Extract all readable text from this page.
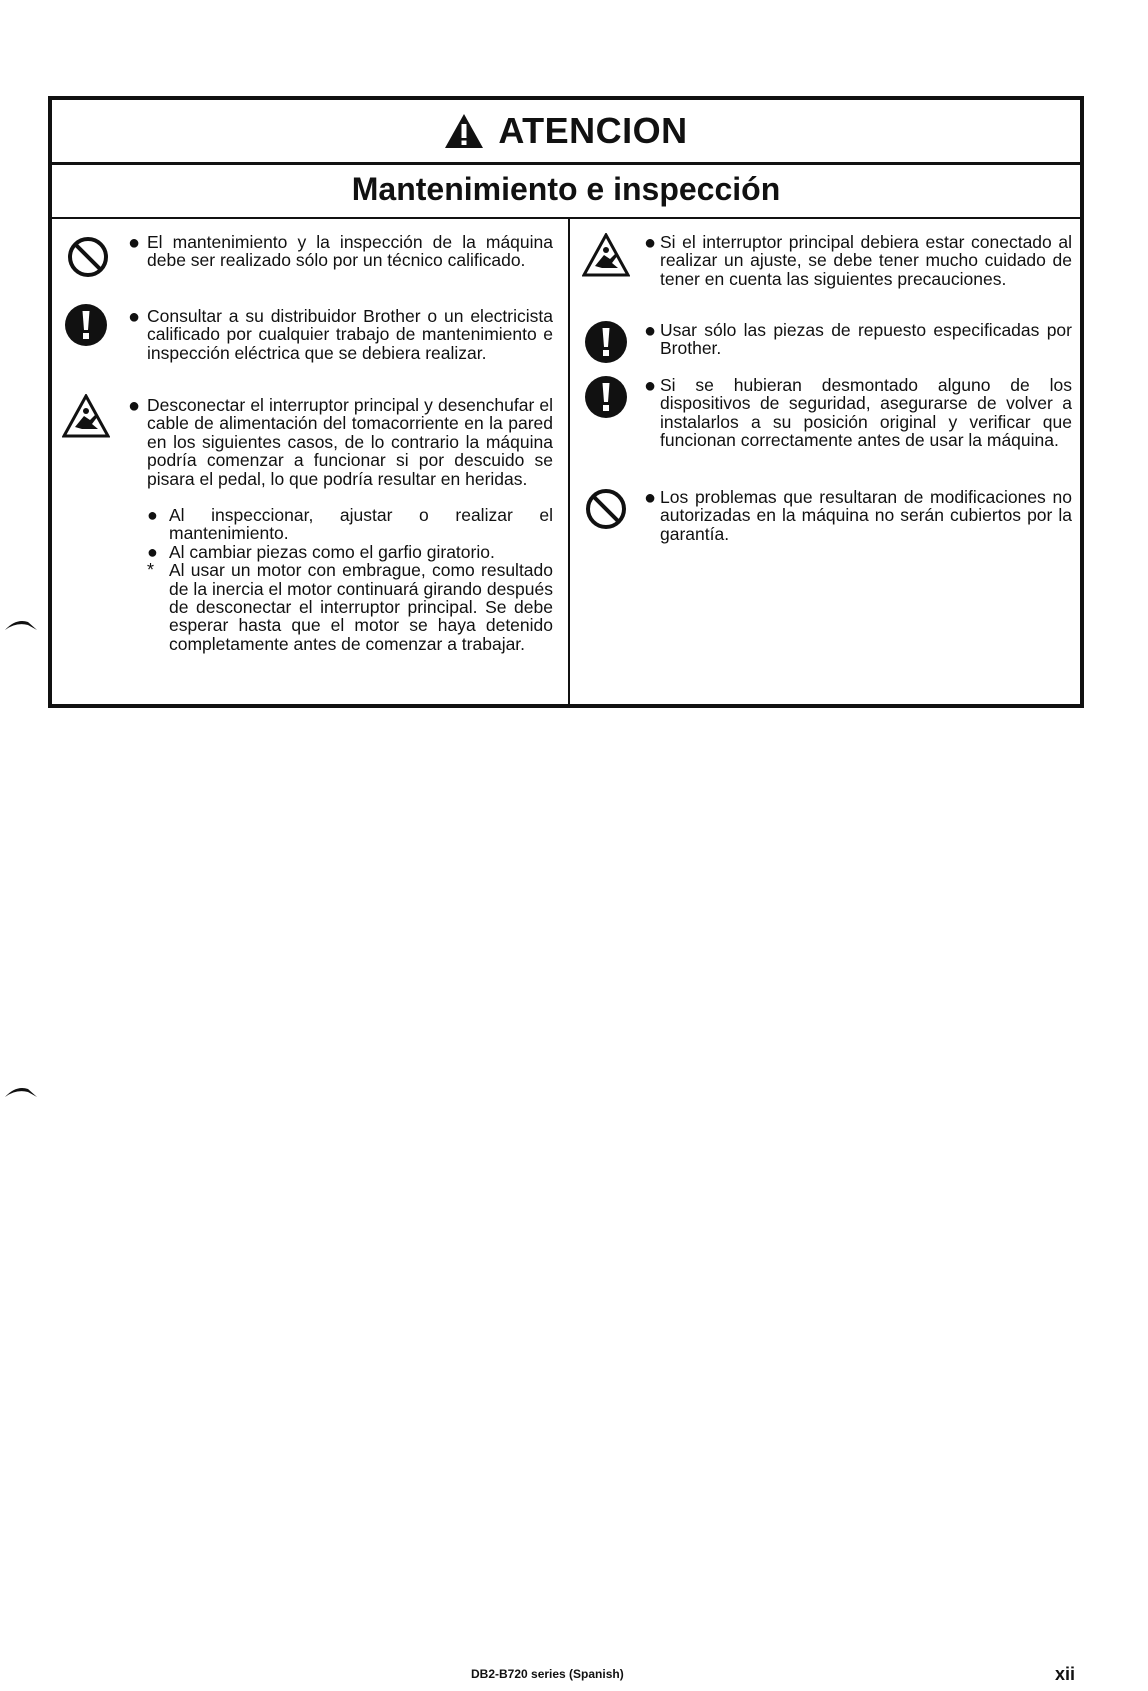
ATENCION
Mantenimiento e inspección
● El mantenimiento y la inspección de la máquina debe ser realizado sólo por un técnico calificado.
● Consultar a su distribuidor Brother o un electricista calificado por cualquier trabajo de mantenimiento e inspección eléctrica que se debiera realizar.
● Desconectar el interruptor principal y desenchufar el cable de alimentación del tomacorriente en la pared en los siguientes casos, de lo contrario la máquina podría comenzar a funcionar si por descuido se pisara el pedal, lo que podría resultar en heridas.
● Al inspeccionar, ajustar o realizar el mantenimiento.
● Al cambiar piezas como el garfio giratorio.
* Al usar un motor con embrague, como resultado de la inercia el motor continuará girando después de desconectar el interruptor principal. Se debe esperar hasta que el motor se haya detenido completamente antes de comenzar a trabajar.
● Si el interruptor principal debiera estar conectado al realizar un ajuste, se debe tener mucho cuidado de tener en cuenta las siguientes precauciones.
● Usar sólo las piezas de repuesto especificadas por Brother.
● Si se hubieran desmontado alguno de los dispositivos de seguridad, asegurarse de volver a instalarlos a su posición original y verificar que funcionan correctamente antes de usar la máquina.
● Los problemas que resultaran de modificaciones no autorizadas en la máquina no serán cubiertos por la garantía.
DB2-B720 series (Spanish)	xii
